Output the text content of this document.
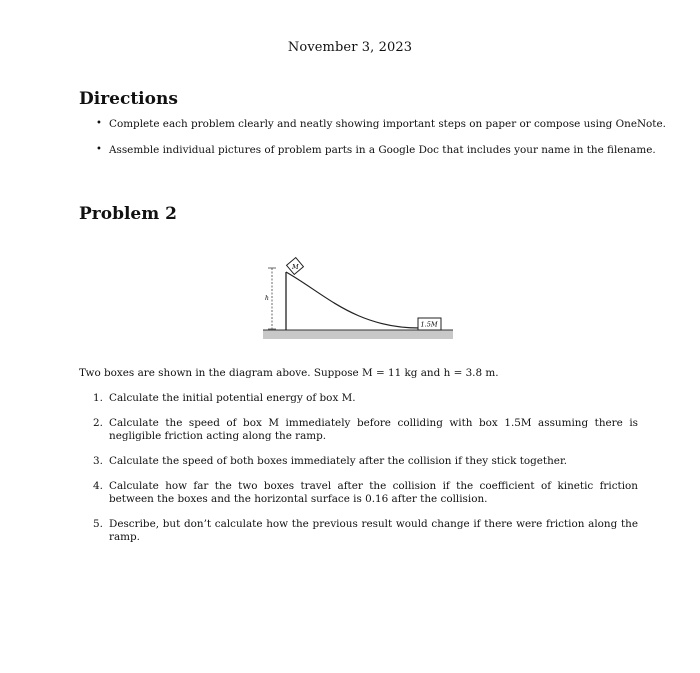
November 3, 2023
Directions
• Complete each problem clearly and neatly showing important steps on paper or compose using OneNote.
• Assemble individual pictures of problem parts in a Google Doc that includes your name in the filename.
Problem 2
h
M
1.5M
Two boxes are shown in the diagram above. Suppose M = 11 kg and h = 3.8 m.
1. Calculate the initial potential energy of box M.
2. Calculate the speed of box M immediately before colliding with box 1.5M assuming there is negligible friction acting along the ramp.
3. Calculate the speed of both boxes immediately after the collision if they stick together.
4. Calculate how far the two boxes travel after the collision if the coefficient of kinetic friction between the boxes and the horizontal surface is 0.16 after the collision.
5. Describe, but don’t calculate how the previous result would change if there were friction along the ramp.
